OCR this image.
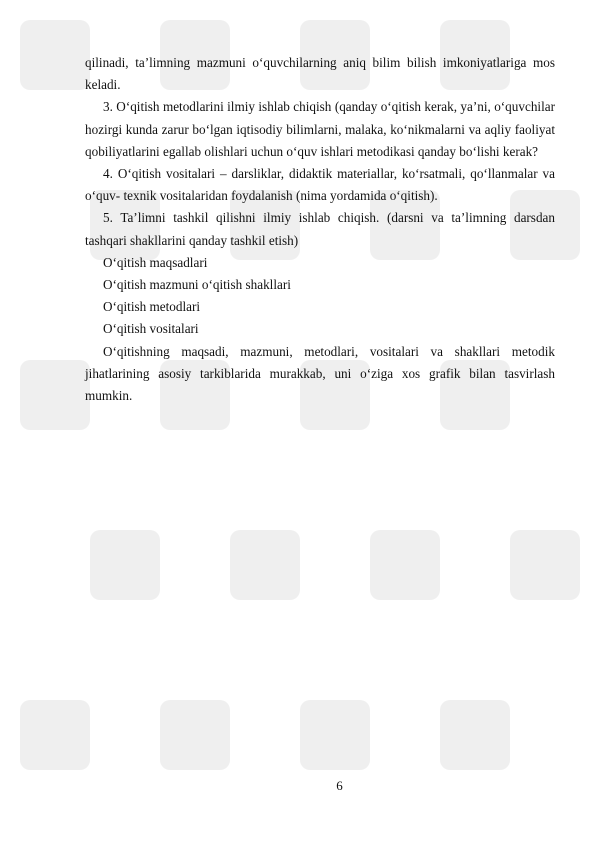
qilinadi, ta’limning mazmuni o‘quvchilarning aniq bilim bilish imkoniyatlariga mos keladi.

3. O‘qitish metodlarini ilmiy ishlab chiqish (qanday o‘qitish kerak, ya’ni, o‘quvchilar hozirgi kunda zarur bo‘lgan iqtisodiy bilimlarni, malaka, ko‘nikmalarni va aqliy faoliyat qobiliyatlarini egallab olishlari uchun o‘quv ishlari metodikasi qanday bo‘lishi kerak?

4. O‘qitish vositalari – darsliklar, didaktik materiallar, ko‘rsatmali, qo‘llanmalar va o‘quv- texnik vositalaridan foydalanish (nima yordamida o‘qitish).

5. Ta’limni tashkil qilishni ilmiy ishlab chiqish. (darsni va ta’limning darsdan tashqari shakllarini qanday tashkil etish)

O‘qitish maqsadlari
O‘qitish mazmuni o‘qitish shakllari
O‘qitish metodlari
O‘qitish vositalari

O‘qitishning maqsadi, mazmuni, metodlari, vositalari va shakllari metodik jihatlarining asosiy tarkiblarida murakkab, uni o‘ziga xos grafik bilan tasvirlash mumkin.

6
